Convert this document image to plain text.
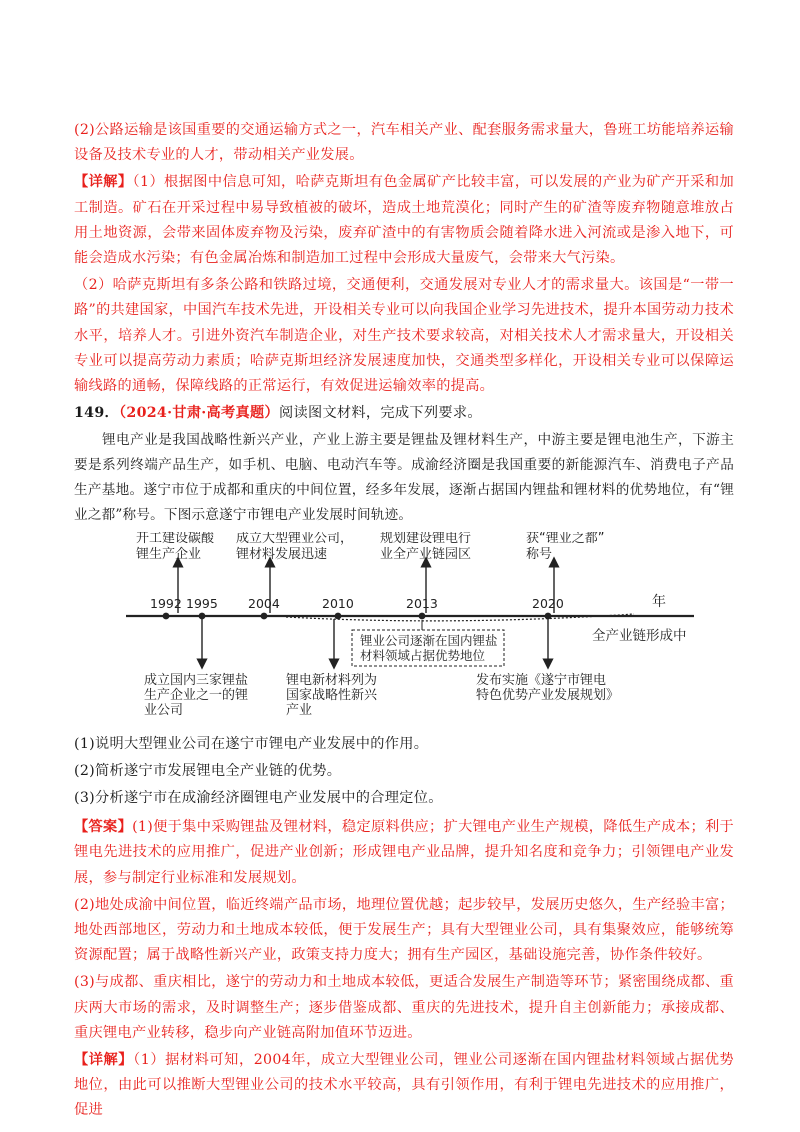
(2)公路运输是该国重要的交通运输方式之一，汽车相关产业、配套服务需求量大，鲁班工坊能培养运输设备及技术专业的人才，带动相关产业发展。

【详解】（1）根据图中信息可知，哈萨克斯坦有色金属矿产比较丰富，可以发展的产业为矿产开采和加工制造。矿石在开采过程中易导致植被的破坏，造成土地荒漠化；同时产生的矿渣等废弃物随意堆放占用土地资源，会带来固体废弃物及污染，废弃矿渣中的有害物质会随着降水进入河流或是渗入地下，可能会造成水污染；有色金属冶炼和制造加工过程中会形成大量废气，会带来大气污染。

（2）哈萨克斯坦有多条公路和铁路过境，交通便利，交通发展对专业人才的需求量大。该国是“一带一路”的共建国家，中国汽车技术先进，开设相关专业可以向我国企业学习先进技术，提升本国劳动力技术水平，培养人才。引进外资汽车制造企业，对生产技术要求较高，对相关技术人才需求量大，开设相关专业可以提高劳动力素质；哈萨克斯坦经济发展速度加快，交通类型多样化，开设相关专业可以保障运输线路的通畅，保障线路的正常运行，有效促进运输效率的提高。

149．（2024·甘肃·高考真题）阅读图文材料，完成下列要求。

锂电产业是我国战略性新兴产业，产业上游主要是锂盐及锂材料生产，中游主要是锂电池生产，下游主要是系列终端产品生产，如手机、电脑、电动汽车等。成渝经济圈是我国重要的新能源汽车、消费电子产品生产基地。遂宁市位于成都和重庆的中间位置，经多年发展，逐渐占据国内锂盐和锂材料的优势地位，有“锂业之都”称号。下图示意遂宁市锂电产业发展时间轨迹。

年
全产业链形成中
1992 1995 2004	2010	2013	2020
开工建设碳酸
锂生产企业
成立大型锂业公司，
锂材料发展迅速
规划建设锂电行
业全产业链园区
获“锂业之都”
称号
锂业公司逐渐在国内锂盐
材料领域占据优势地位
成立国内三家锂盐
生产企业之一的锂
业公司
锂电新材料列为
国家战略性新兴
产业
发布实施《遂宁市锂电
特色优势产业发展规划》

(1)说明大型锂业公司在遂宁市锂电产业发展中的作用。

(2)简析遂宁市发展锂电全产业链的优势。

(3)分析遂宁市在成渝经济圈锂电产业发展中的合理定位。

【答案】(1)便于集中采购锂盐及锂材料，稳定原料供应；扩大锂电产业生产规模，降低生产成本；利于锂电先进技术的应用推广，促进产业创新；形成锂电产业品牌，提升知名度和竞争力；引领锂电产业发展，参与制定行业标准和发展规划。

(2)地处成渝中间位置，临近终端产品市场，地理位置优越；起步较早，发展历史悠久，生产经验丰富；地处西部地区，劳动力和土地成本较低，便于发展生产；具有大型锂业公司，具有集聚效应，能够统筹资源配置；属于战略性新兴产业，政策支持力度大；拥有生产园区，基础设施完善，协作条件较好。

(3)与成都、重庆相比，遂宁的劳动力和土地成本较低，更适合发展生产制造等环节；紧密围绕成都、重庆两大市场的需求，及时调整生产；逐步借鉴成都、重庆的先进技术，提升自主创新能力；承接成都、重庆锂电产业转移，稳步向产业链高附加值环节迈进。

【详解】（1）据材料可知，2004年，成立大型锂业公司，锂业公司逐渐在国内锂盐材料领域占据优势地位，由此可以推断大型锂业公司的技术水平较高，具有引领作用，有利于锂电先进技术的应用推广，促进
